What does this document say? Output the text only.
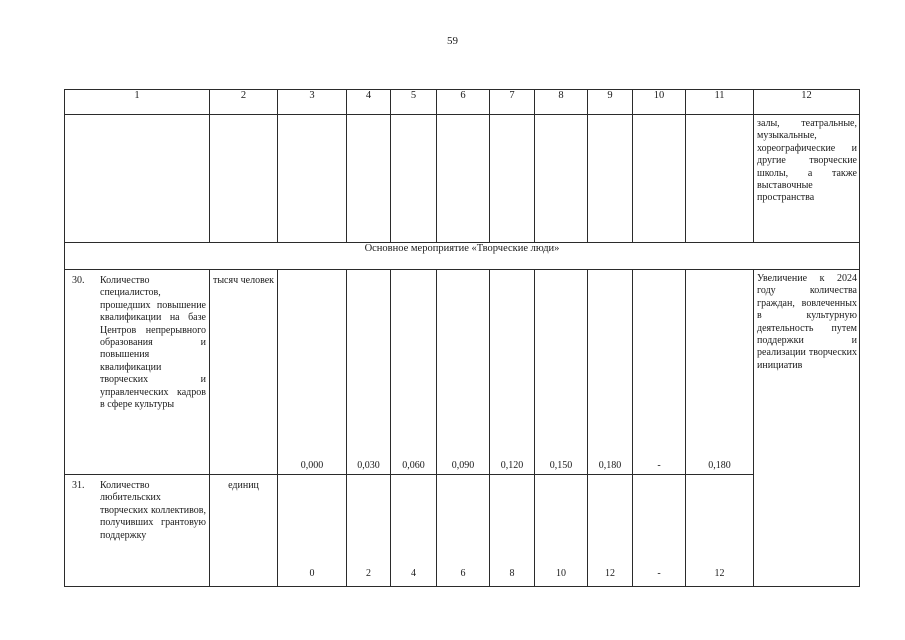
59
1	2	3	4	5	6	7	8	9	10	11	12

											залы, театральные, музыкальные, хореографические и другие творческие школы, а также выставочные пространства

Основное мероприятие «Творческие люди»											

30. Количество специалистов, прошедших повышение квалификации на базе Центров непрерывного образования и повышения квалификации творческих и управленческих кадров в сфере культуры	тысяч человек	0,000	0,030	0,060	0,090	0,120	0,150	0,180	-	0,180	Увеличение к 2024 году количества граждан, вовлеченных в культурную деятельность путем поддержки и реализации творческих инициатив

31. Количество любительских творческих коллективов, получивших грантовую поддержку	единиц	0	2	4	6	8	10	12	-	12	
